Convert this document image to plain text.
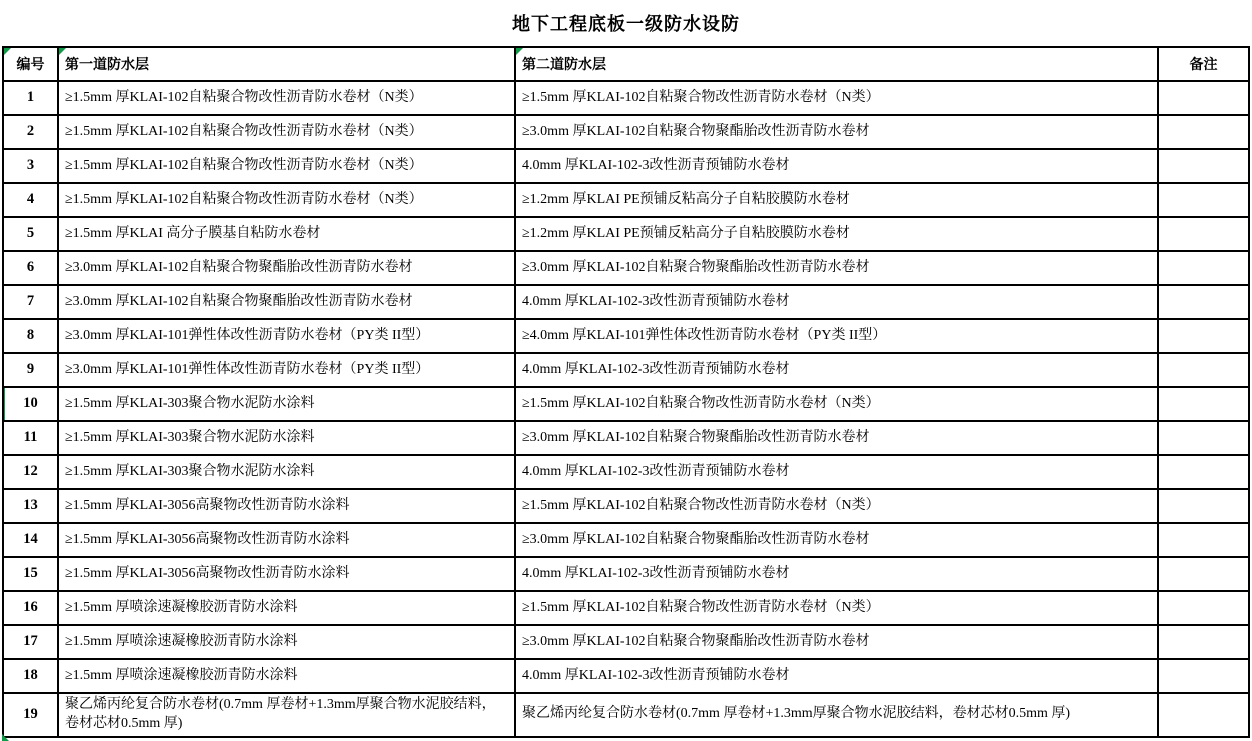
地下工程底板一级防水设防
编号	第一道防水层	第二道防水层	备注
1	≥1.5mm 厚KLAI-102自粘聚合物改性沥青防水卷材（N类）	≥1.5mm 厚KLAI-102自粘聚合物改性沥青防水卷材（N类）	
2	≥1.5mm 厚KLAI-102自粘聚合物改性沥青防水卷材（N类）	≥3.0mm 厚KLAI-102自粘聚合物聚酯胎改性沥青防水卷材	
3	≥1.5mm 厚KLAI-102自粘聚合物改性沥青防水卷材（N类）	4.0mm 厚KLAI-102-3改性沥青预铺防水卷材	
4	≥1.5mm 厚KLAI-102自粘聚合物改性沥青防水卷材（N类）	≥1.2mm 厚KLAI PE预铺反粘高分子自粘胶膜防水卷材	
5	≥1.5mm 厚KLAI 高分子膜基自粘防水卷材	≥1.2mm 厚KLAI PE预铺反粘高分子自粘胶膜防水卷材	
6	≥3.0mm 厚KLAI-102自粘聚合物聚酯胎改性沥青防水卷材	≥3.0mm 厚KLAI-102自粘聚合物聚酯胎改性沥青防水卷材	
7	≥3.0mm 厚KLAI-102自粘聚合物聚酯胎改性沥青防水卷材	4.0mm 厚KLAI-102-3改性沥青预铺防水卷材	
8	≥3.0mm 厚KLAI-101弹性体改性沥青防水卷材（PY类 II型）	≥4.0mm 厚KLAI-101弹性体改性沥青防水卷材（PY类 II型）	
9	≥3.0mm 厚KLAI-101弹性体改性沥青防水卷材（PY类 II型）	4.0mm 厚KLAI-102-3改性沥青预铺防水卷材	
10	≥1.5mm 厚KLAI-303聚合物水泥防水涂料	≥1.5mm 厚KLAI-102自粘聚合物改性沥青防水卷材（N类）	
11	≥1.5mm 厚KLAI-303聚合物水泥防水涂料	≥3.0mm 厚KLAI-102自粘聚合物聚酯胎改性沥青防水卷材	
12	≥1.5mm 厚KLAI-303聚合物水泥防水涂料	4.0mm 厚KLAI-102-3改性沥青预铺防水卷材	
13	≥1.5mm 厚KLAI-3056高聚物改性沥青防水涂料	≥1.5mm 厚KLAI-102自粘聚合物改性沥青防水卷材（N类）	
14	≥1.5mm 厚KLAI-3056高聚物改性沥青防水涂料	≥3.0mm 厚KLAI-102自粘聚合物聚酯胎改性沥青防水卷材	
15	≥1.5mm 厚KLAI-3056高聚物改性沥青防水涂料	4.0mm 厚KLAI-102-3改性沥青预铺防水卷材	
16	≥1.5mm 厚喷涂速凝橡胶沥青防水涂料	≥1.5mm 厚KLAI-102自粘聚合物改性沥青防水卷材（N类）	
17	≥1.5mm 厚喷涂速凝橡胶沥青防水涂料	≥3.0mm 厚KLAI-102自粘聚合物聚酯胎改性沥青防水卷材	
18	≥1.5mm 厚喷涂速凝橡胶沥青防水涂料	4.0mm 厚KLAI-102-3改性沥青预铺防水卷材	
19	聚乙烯丙纶复合防水卷材(0.7mm 厚卷材+1.3mm厚聚合物水泥胶结料，卷材芯材0.5mm 厚)	聚乙烯丙纶复合防水卷材(0.7mm 厚卷材+1.3mm厚聚合物水泥胶结料，卷材芯材0.5mm 厚)	
